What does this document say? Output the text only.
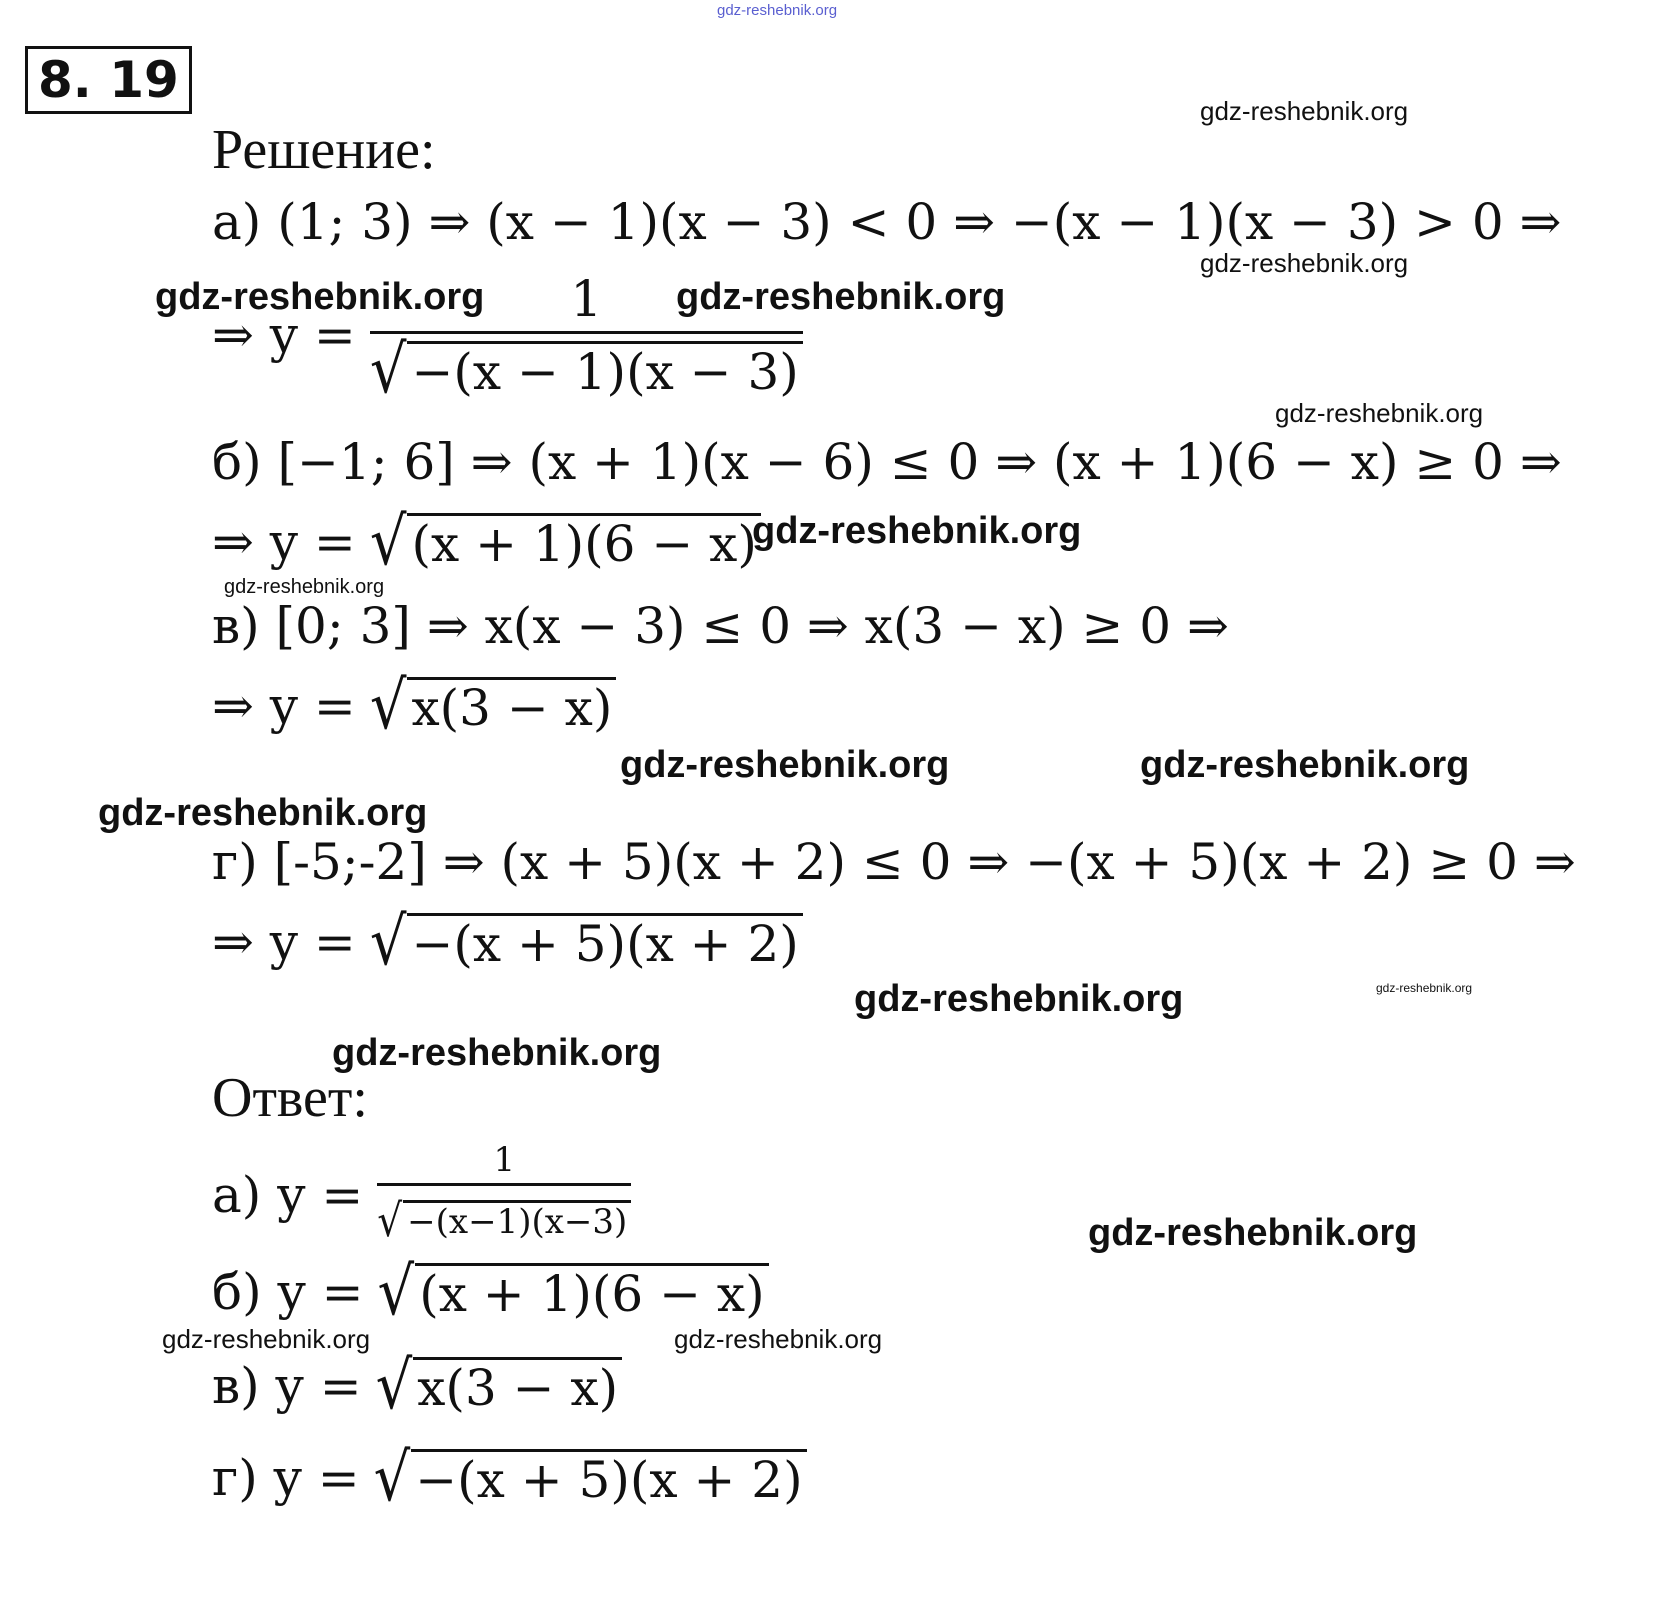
gdz-reshebnik.org
8. 19
Решение:
а) (1; 3) ⇒ (x − 1)(x − 3) < 0 ⇒ −(x − 1)(x − 3) > 0 ⇒
⇒ $y = \frac{1}{√ -(x - 1)(x - 3)}$
б) [−1; 6] ⇒ (x + 1)(x − 6) ≤ 0 ⇒ (x + 1)(6 − x) ≥ 0 ⇒
⇒ y = √ (x + 1)(6 − x)
в) [0; 3] ⇒ x(x − 3) ≤ 0 ⇒ x(3 − x) ≥ 0 ⇒
⇒ y = √ x(3 − x)
г) [-5;-2] ⇒ (x + 5)(x + 2) ≤ 0 ⇒ −(x + 5)(x + 2) ≥ 0 ⇒
⇒ y = √ −(x + 5)(x + 2)
Ответ:
а) $y = \frac{1}{√ -(x-1)(x-3)}$
б) y = √ (x + 1)(6 − x)
в) y = √ x(3 − x)
г) y = √ −(x + 5)(x + 2)
gdz-reshebnik.org
gdz-reshebnik.org
gdz-reshebnik.org	gdz-reshebnik.org
gdz-reshebnik.org
gdz-reshebnik.org
gdz-reshebnik.org
gdz-reshebnik.org	gdz-reshebnik.org
gdz-reshebnik.org
gdz-reshebnik.org	gdz-reshebnik.org
gdz-reshebnik.org
gdz-reshebnik.org
gdz-reshebnik.org	gdz-reshebnik.org
